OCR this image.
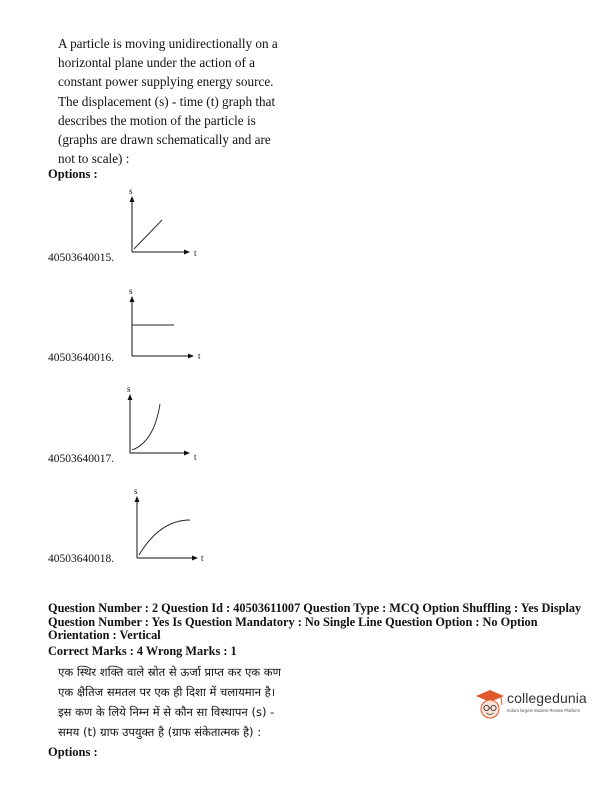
A particle is moving unidirectionally on a
horizontal plane under the action of a
constant power supplying energy source.
The displacement (s) - time (t) graph that
describes the motion of the particle is
(graphs are drawn schematically and are
not to scale) :
Options :
s
t
40503640015.
s
t
40503640016.
s
t
40503640017.
s
t
40503640018.
Question Number : 2 Question Id : 40503611007 Question Type : MCQ Option Shuffling : Yes Display
Question Number : Yes Is Question Mandatory : No Single Line Question Option : No Option
Orientation : Vertical
Correct Marks : 4 Wrong Marks : 1
एक स्थिर शक्ति वाले स्रोत से ऊर्जा प्राप्त कर एक कण
एक क्षैतिज समतल पर एक ही दिशा में चलायमान है।
इस कण के लिये निम्न में से कौन सा विस्थापन (s) -
समय (t) ग्राफ उपयुक्त है (ग्राफ संकेतात्मक है) :
Options :
collegedunia
India's largest Student Review Platform
